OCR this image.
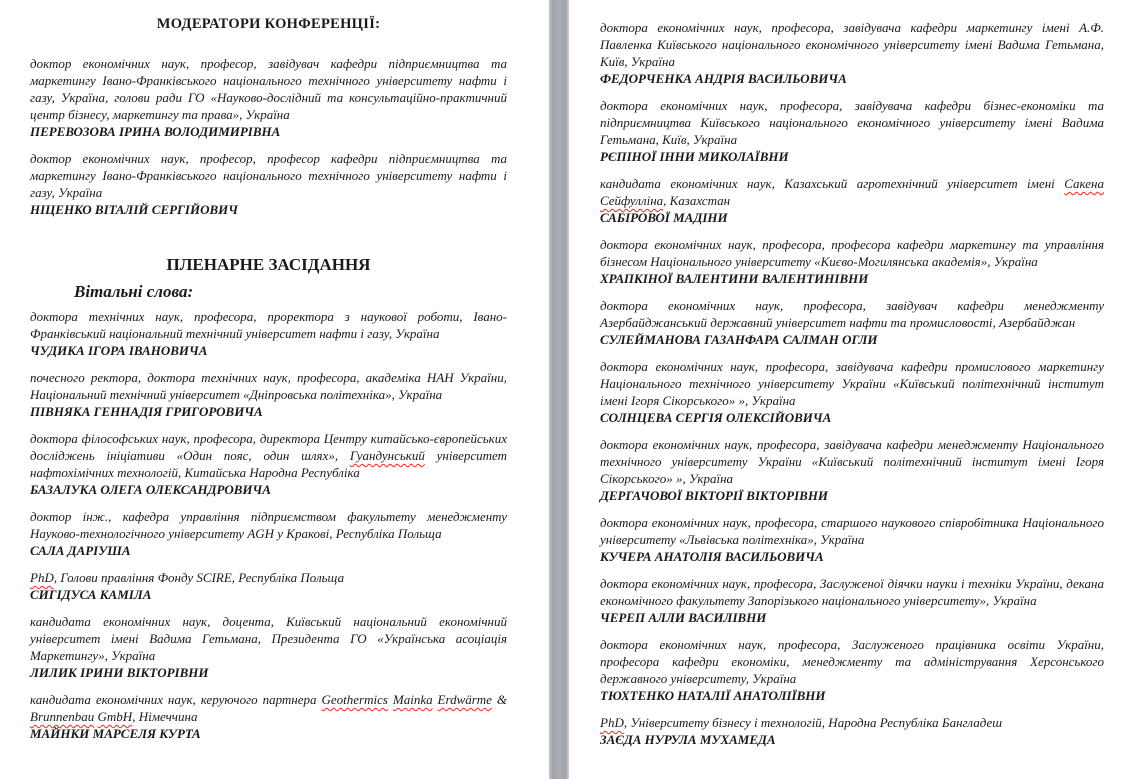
МОДЕРАТОРИ КОНФЕРЕНЦІЇ:

доктор економічних наук, професор, завідувач кафедри підприємництва та маркетингу Івано-Франківського національного технічного університету нафти і газу, Україна, голови ради ГО «Науково-дослідний та консультаційно-практичний центр бізнесу, маркетингу та права», Україна

ПЕРЕВОЗОВА ІРИНА ВОЛОДИМИРІВНА

доктор економічних наук, професор, професор кафедри підприємництва та маркетингу Івано-Франківського національного технічного університету нафти і газу, Україна

НІЦЕНКО ВІТАЛІЙ СЕРГІЙОВИЧ

ПЛЕНАРНЕ ЗАСІДАННЯ
Вітальні слова:

доктора технічних наук, професора, проректора з наукової роботи, Івано-Франківський національний технічний університет нафти і газу, Україна

ЧУДИКА ІГОРА ІВАНОВИЧА

почесного ректора, доктора технічних наук, професора, академіка НАН України, Національний технічний університет «Дніпровська політехніка», Україна

ПІВНЯКА ГЕННАДІЯ ГРИГОРОВИЧА

доктора філософських наук, професора, директора Центру китайсько-європейських досліджень ініціативи «Один пояс, один шлях», Гуандунський університет нафтохімічних технологій, Китайська Народна Республіка

БАЗАЛУКА ОЛЕГА ОЛЕКСАНДРОВИЧА

доктор інж., кафедра управління підприємством факультету менеджменту Науково-технологічного університету AGH у Кракові, Республіка Польща

САЛА ДАРІУША

PhD, Голови правління Фонду SCIRE, Республіка Польща

СИГІДУСА КАМІЛА

кандидата економічних наук, доцента, Київський національний економічний університет імені Вадима Гетьмана, Президента ГО «Українська асоціація Маркетингу», Україна

ЛИЛИК ІРИНИ ВІКТОРІВНИ

кандидата економічних наук, керуючого партнера Geothermics Mainka Erdwärme & Brunnenbau GmbH, Німеччина

МАЙНКИ МАРСЕЛЯ КУРТА

доктора економічних наук, професора, завідувача кафедри маркетингу імені А.Ф. Павленка Київського національного економічного університету імені Вадима Гетьмана, Київ, Україна

ФЕДОРЧЕНКА АНДРІЯ ВАСИЛЬОВИЧА

доктора економічних наук, професора, завідувача кафедри бізнес-економіки та підприємництва Київського національного економічного університету імені Вадима Гетьмана, Київ, Україна

РЄПІНОЇ ІННИ МИКОЛАЇВНИ

кандидата економічних наук, Казахський агротехнічний університет імені Сакена Сейфулліна, Казахстан

САБІРОВОЇ МАДІНИ

доктора економічних наук, професора, професора кафедри маркетингу та управління бізнесом Національного університету «Києво-Могилянська академія», Україна

ХРАПКІНОЇ ВАЛЕНТИНИ ВАЛЕНТИНІВНИ

доктора економічних наук, професора, завідувач кафедри менеджменту Азербайджанський державний університет нафти та промисловості, Азербайджан

СУЛЕЙМАНОВА ГАЗАНФАРА САЛМАН ОГЛИ

доктора економічних наук, професора, завідувача кафедри промислового маркетингу Національного технічного університету України «Київський політехнічний інститут імені Ігоря Сікорського» », Україна

СОЛНЦЕВА СЕРГІЯ ОЛЕКСІЙОВИЧА

доктора економічних наук, професора, завідувача кафедри менеджменту Національного технічного університету України «Київський політехнічний інститут імені Ігоря Сікорського» », Україна

ДЕРГАЧОВОЇ ВІКТОРІЇ ВІКТОРІВНИ

доктора економічних наук, професора, старшого наукового співробітника Національного університету «Львівська політехніка», Україна

КУЧЕРА АНАТОЛІЯ ВАСИЛЬОВИЧА

доктора економічних наук, професора, Заслуженої діячки науки і техніки України, декана економічного факультету Запорізького національного університету», Україна

ЧЕРЕП АЛЛИ ВАСИЛІВНИ

доктора економічних наук, професора, Заслуженого працівника освіти України, професора кафедри економіки, менеджменту та адміністрування Херсонського державного університету, Україна

ТЮХТЕНКО НАТАЛІЇ АНАТОЛІЇВНИ

PhD, Університету бізнесу і технологій, Народна Республіка Бангладеш

ЗАЄДА НУРУЛА МУХАМЕДА
